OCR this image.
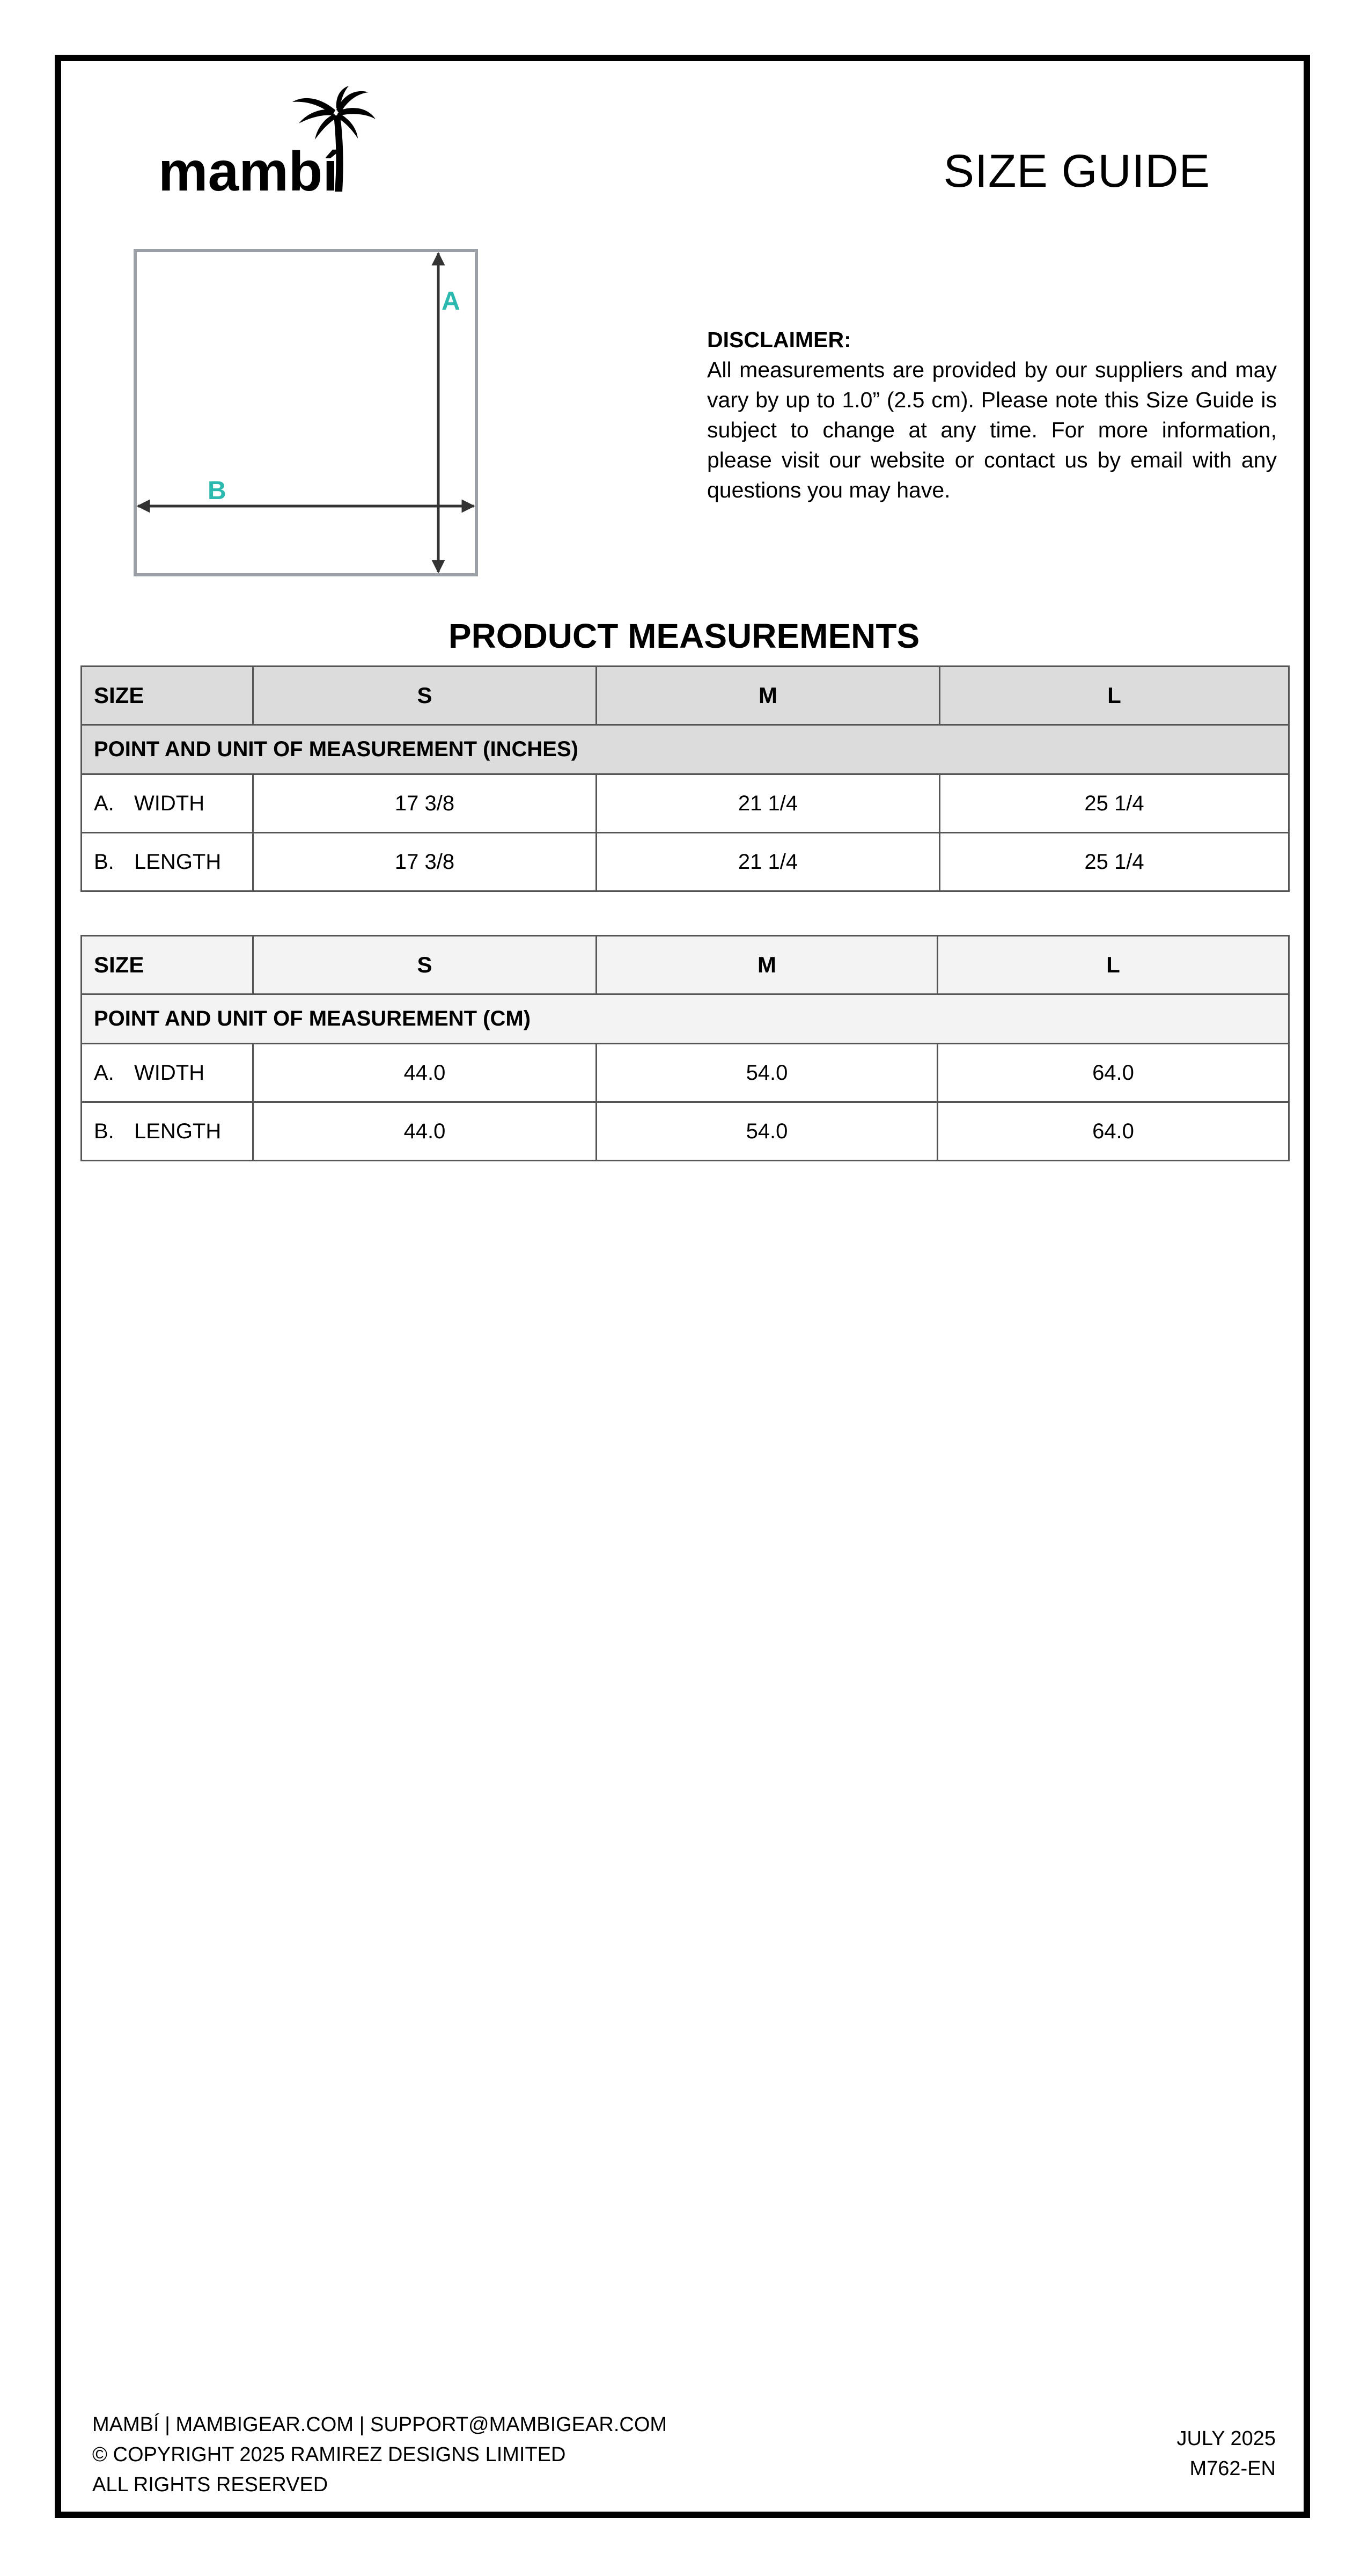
mambí	SIZE GUIDE
A
B
DISCLAIMER:
All measurements are provided by our suppliers and may vary by up to 1.0” (2.5 cm). Please note this Size Guide is subject to change at any time. For more information, please visit our website or contact us by email with any questions you may have.
PRODUCT MEASUREMENTS
SIZE	S	M	L
POINT AND UNIT OF MEASUREMENT (INCHES)			
A. WIDTH	17 3/8	21 1/4	25 1/4
B. LENGTH	17 3/8	21 1/4	25 1/4
SIZE	S	M	L
POINT AND UNIT OF MEASUREMENT (CM)			
A. WIDTH	44.0	54.0	64.0
B. LENGTH	44.0	54.0	64.0
MAMBÍ | MAMBIGEAR.COM | SUPPORT@MAMBIGEAR.COM
© COPYRIGHT 2025 RAMIREZ DESIGNS LIMITED
ALL RIGHTS RESERVED
JULY 2025
M762-EN
